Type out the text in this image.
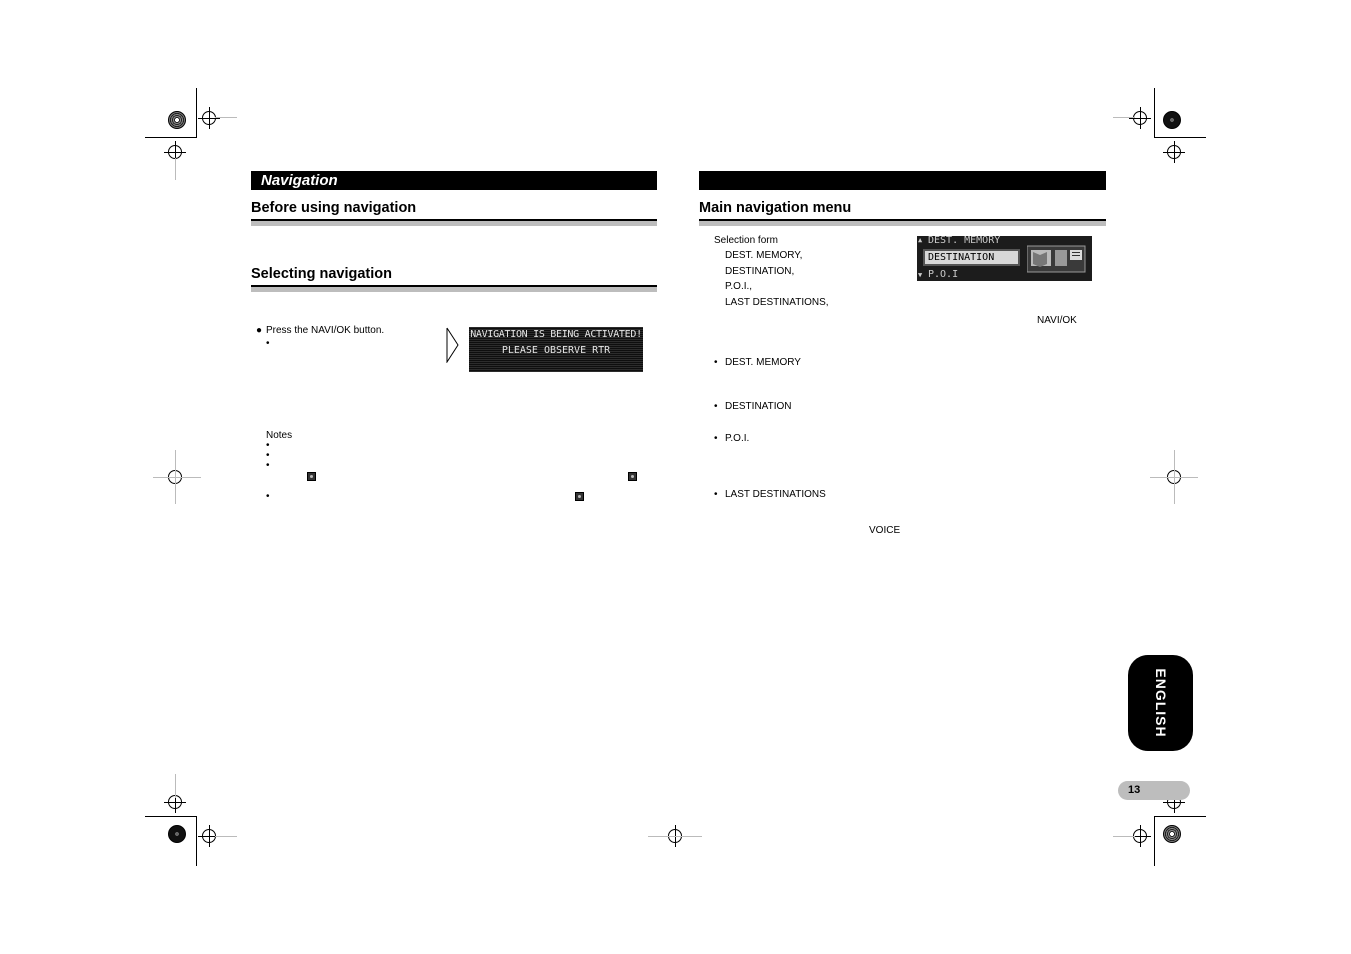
Navigation
Before using navigation
Selecting navigation
● Press the NAVI/OK button.
•
NAVIGATION IS BEING ACTIVATED!
PLEASE OBSERVE RTR
Notes
•
•
•
•
Main navigation menu
Selection form
DEST. MEMORY,
DESTINATION,
P.O.I.,
LAST DESTINATIONS,
▲ DEST. MEMORY
DESTINATION
▼ P.O.I
NAVI/OK
• DEST. MEMORY
• DESTINATION
• P.O.I.
• LAST DESTINATIONS
VOICE
ENGLISH
13
